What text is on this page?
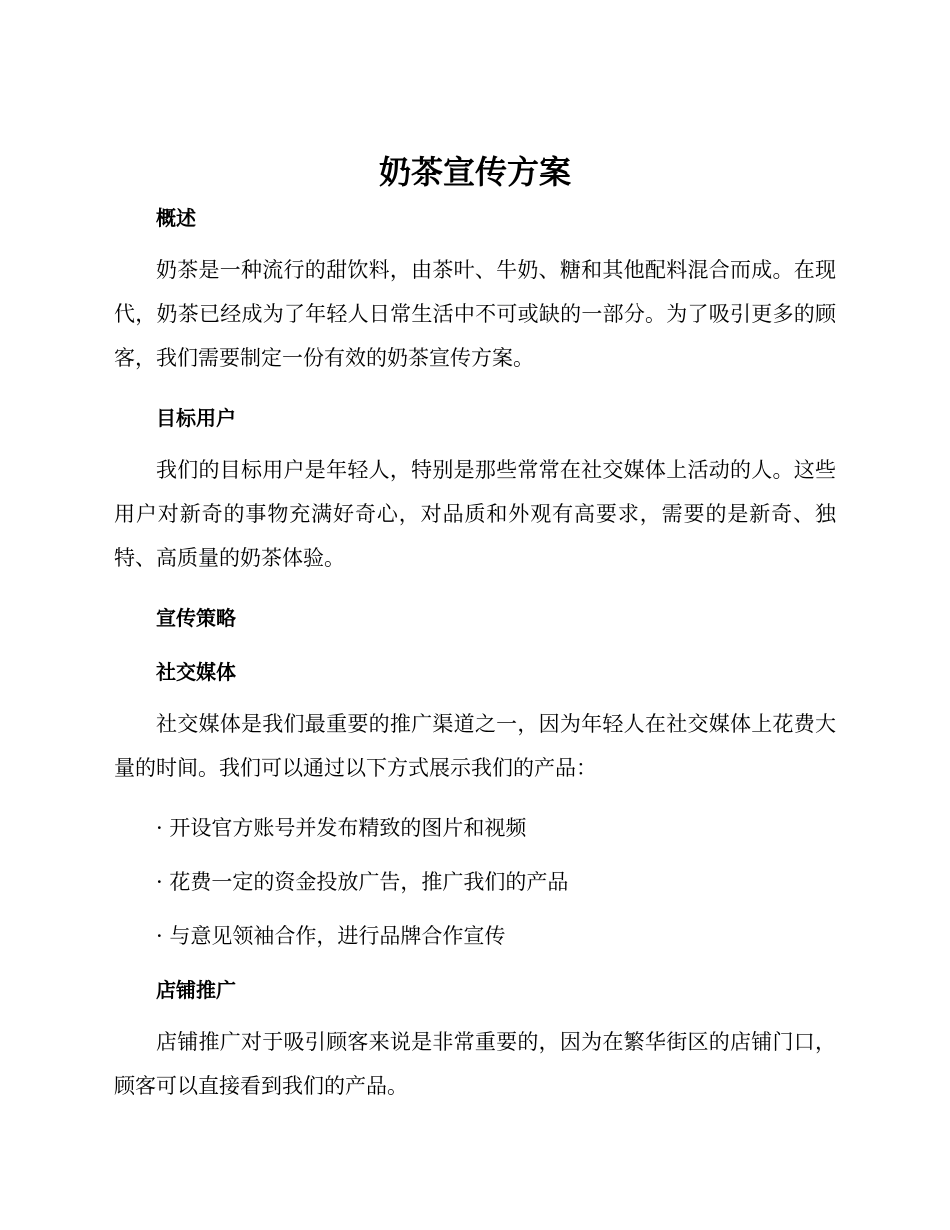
奶茶宣传方案
概述

奶茶是一种流行的甜饮料，由茶叶、牛奶、糖和其他配料混合而成。在现代，奶茶已经成为了年轻人日常生活中不可或缺的一部分。为了吸引更多的顾客，我们需要制定一份有效的奶茶宣传方案。

目标用户

我们的目标用户是年轻人，特别是那些常常在社交媒体上活动的人。这些用户对新奇的事物充满好奇心，对品质和外观有高要求，需要的是新奇、独特、高质量的奶茶体验。

宣传策略
社交媒体

社交媒体是我们最重要的推广渠道之一，因为年轻人在社交媒体上花费大量的时间。我们可以通过以下方式展示我们的产品：

· 开设官方账号并发布精致的图片和视频

· 花费一定的资金投放广告，推广我们的产品

· 与意见领袖合作，进行品牌合作宣传

店铺推广

店铺推广对于吸引顾客来说是非常重要的，因为在繁华街区的店铺门口，顾客可以直接看到我们的产品。
